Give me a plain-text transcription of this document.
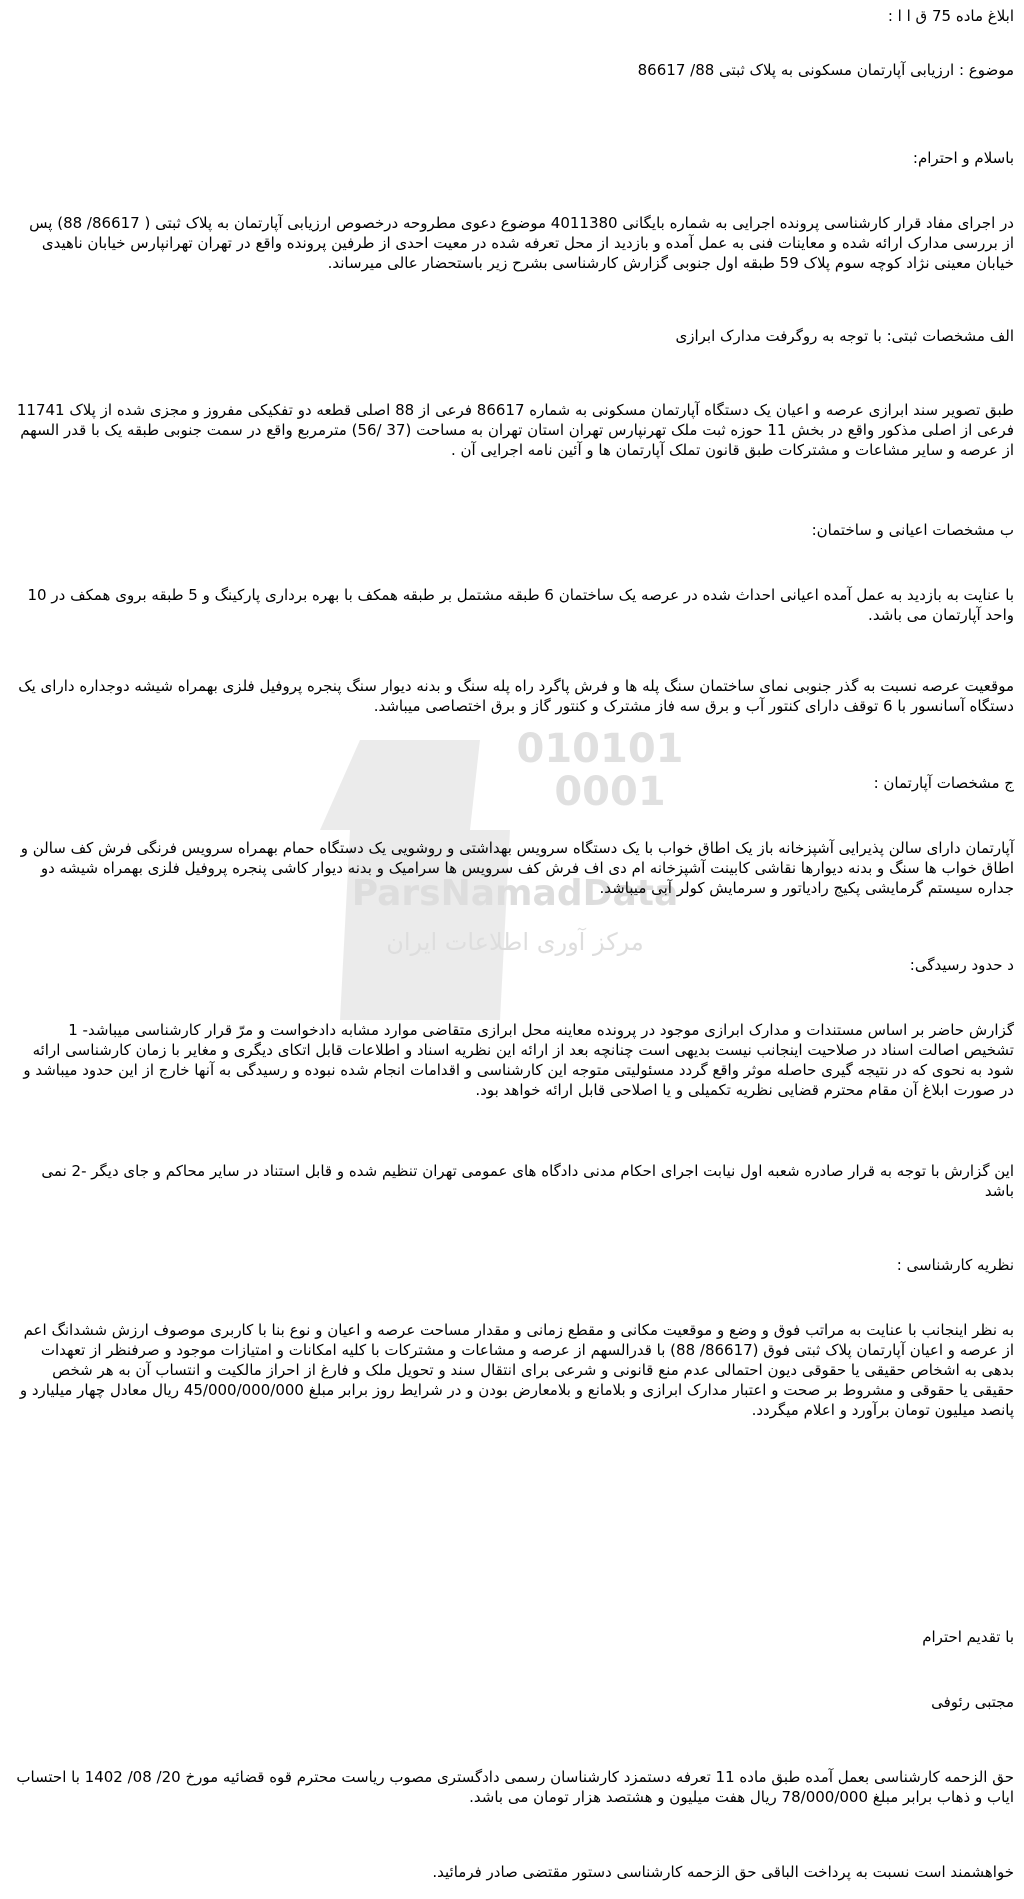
010101
0001
ParsNamadData
مرکز آوری اطلاعات ایران

ابلاغ ماده 75 ق ا ا :

موضوع : ارزیابی آپارتمان مسکونی به پلاک ثبتی 88/ 86617

باسلام و احترام:

در اجرای مفاد قرار کارشناسی پرونده اجرایی به شماره بایگانی 4011380 موضوع دعوی مطروحه درخصوص ارزیابی آپارتمان به پلاک ثبتی ( 86617/ 88) پس از بررسی مدارک ارائه شده و معاینات فنی به عمل آمده و بازدید از محل تعرفه شده در معیت احدی از طرفین پرونده واقع در تهران تهرانپارس خیابان ناهیدی خیابان معینی نژاد کوچه سوم پلاک 59 طبقه اول جنوبی گزارش کارشناسی بشرح زیر باستحضار عالی میرساند.

الف مشخصات ثبتی: با توجه به روگرفت مدارک ابرازی

طبق تصویر سند ابرازی عرصه و اعیان یک دستگاه آپارتمان مسکونی به شماره 86617 فرعی از 88 اصلی قطعه دو تفکیکی مفروز و مجزی شده از پلاک 11741 فرعی از اصلی مذکور واقع در بخش 11 حوزه ثبت ملک تهرنپارس تهران استان تهران به مساحت (37 /56) مترمربع واقع در سمت جنوبی طبقه یک با قدر السهم از عرصه و سایر مشاعات و مشترکات طبق قانون تملک آپارتمان ها و آئین نامه اجرایی آن .

ب مشخصات اعیانی و ساختمان:

با عنایت به بازدید به عمل آمده اعیانی احداث شده در عرصه یک ساختمان 6 طبقه مشتمل بر طبقه همکف با بهره برداری پارکینگ و 5 طبقه بروی همکف در 10 واحد آپارتمان می باشد.

موقعیت عرصه نسبت به گذر جنوبی نمای ساختمان سنگ پله ها و فرش پاگرد راه پله سنگ و بدنه دیوار سنگ پنجره پروفیل فلزی بهمراه شیشه دوجداره دارای یک دستگاه آسانسور با 6 توقف دارای کنتور آب و برق سه فاز مشترک و کنتور گاز و برق اختصاصی میباشد.

ج مشخصات آپارتمان :

آپارتمان دارای سالن پذیرایی آشپزخانه باز یک اطاق خواب با یک دستگاه سرویس بهداشتی و روشویی یک دستگاه حمام بهمراه سرویس فرنگی فرش کف سالن و اطاق خواب ها سنگ و بدنه دیوارها نقاشی کابینت آشپزخانه ام دی اف فرش کف سرویس ها سرامیک و بدنه دیوار کاشی پنجره پروفیل فلزی بهمراه شیشه دو جداره سیستم گرمایشی پکیج رادیاتور و سرمایش کولر آبی میباشد.

د حدود رسیدگی:

گزارش حاضر بر اساس مستندات و مدارک ابرازی موجود در پرونده معاینه محل ابرازی متقاضی موارد مشابه دادخواست و مرّ قرار کارشناسی میباشد- 1 تشخیص اصالت اسناد در صلاحیت اینجانب نیست بدیهی است چنانچه بعد از ارائه این نظریه اسناد و اطلاعات قابل اتکای دیگری و مغایر با زمان کارشناسی ارائه شود به نحوی که در نتیجه گیری حاصله موثر واقع گردد مسئولیتی متوجه این کارشناسی و اقدامات انجام شده نبوده و رسیدگی به آنها خارج از این حدود میباشد و در صورت ابلاغ آن مقام محترم قضایی نظریه تکمیلی و یا اصلاحی قابل ارائه خواهد بود.

این گزارش با توجه به قرار صادره شعبه اول نیابت اجرای احکام مدنی دادگاه های عمومی تهران تنظیم شده و قابل استناد در سایر محاکم و جای دیگر -2 نمی باشد

نظریه کارشناسی :

به نظر اینجانب با عنایت به مراتب فوق و وضع و موقعیت مکانی و مقطع زمانی و مقدار مساحت عرصه و اعیان و نوع بنا با کاربری موصوف ارزش ششدانگ اعم از عرصه و اعیان آپارتمان پلاک ثبتی فوق (86617/ 88) با قدرالسهم از عرصه و مشاعات و مشترکات با کلیه امکانات و امتیازات موجود و صرفنظر از تعهدات بدهی به اشخاص حقیقی یا حقوقی دیون احتمالی عدم منع قانونی و شرعی برای انتقال سند و تحویل ملک و فارغ از احراز مالکیت و انتساب آن به هر شخص حقیقی یا حقوقی و مشروط بر صحت و اعتبار مدارک ابرازی و بلامانع و بلامعارض بودن و در شرایط روز برابر مبلغ 45/000/000/000 ریال معادل چهار میلیارد و پانصد میلیون تومان برآورد و اعلام میگردد.

با تقدیم احترام

مجتبی رئوفی

حق الزحمه کارشناسی بعمل آمده طبق ماده 11 تعرفه دستمزد کارشناسان رسمی دادگستری مصوب ریاست محترم قوه قضائیه مورخ 20/ 08/ 1402 با احتساب ایاب و ذهاب برابر مبلغ 78/000/000 ریال هفت میلیون و هشتصد هزار تومان می باشد.

خواهشمند است نسبت به پرداخت الباقی حق الزحمه کارشناسی دستور مقتضی صادر فرمائید.
